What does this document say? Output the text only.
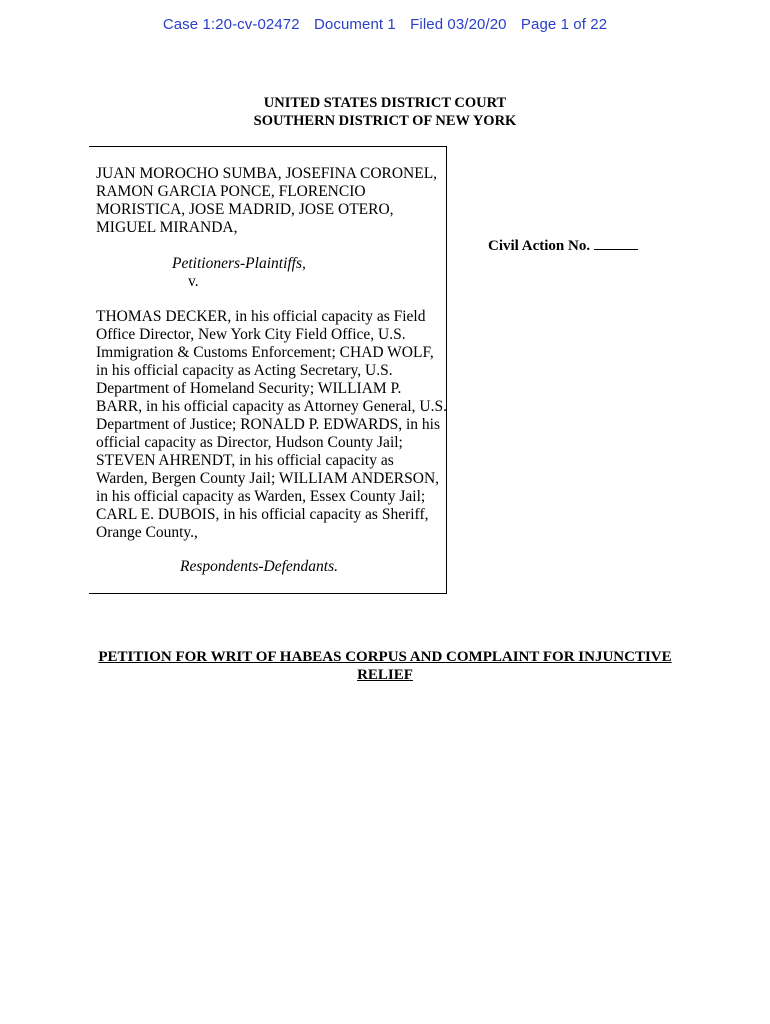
Case 1:20-cv-02472 Document 1 Filed 03/20/20 Page 1 of 22
UNITED STATES DISTRICT COURT
SOUTHERN DISTRICT OF NEW YORK
JUAN MOROCHO SUMBA, JOSEFINA CORONEL,
RAMON GARCIA PONCE, FLORENCIO
MORISTICA, JOSE MADRID, JOSE OTERO,
MIGUEL MIRANDA,
Petitioners-Plaintiffs,
v.
THOMAS DECKER, in his official capacity as Field
Office Director, New York City Field Office, U.S.
Immigration & Customs Enforcement; CHAD WOLF,
in his official capacity as Acting Secretary, U.S.
Department of Homeland Security; WILLIAM P.
BARR, in his official capacity as Attorney General, U.S.
Department of Justice; RONALD P. EDWARDS, in his
official capacity as Director, Hudson County Jail;
STEVEN AHRENDT, in his official capacity as
Warden, Bergen County Jail; WILLIAM ANDERSON,
in his official capacity as Warden, Essex County Jail;
CARL E. DUBOIS, in his official capacity as Sheriff,
Orange County.,
Respondents-Defendants.
Civil Action No.
PETITION FOR WRIT OF HABEAS CORPUS AND COMPLAINT FOR INJUNCTIVE
RELIEF
